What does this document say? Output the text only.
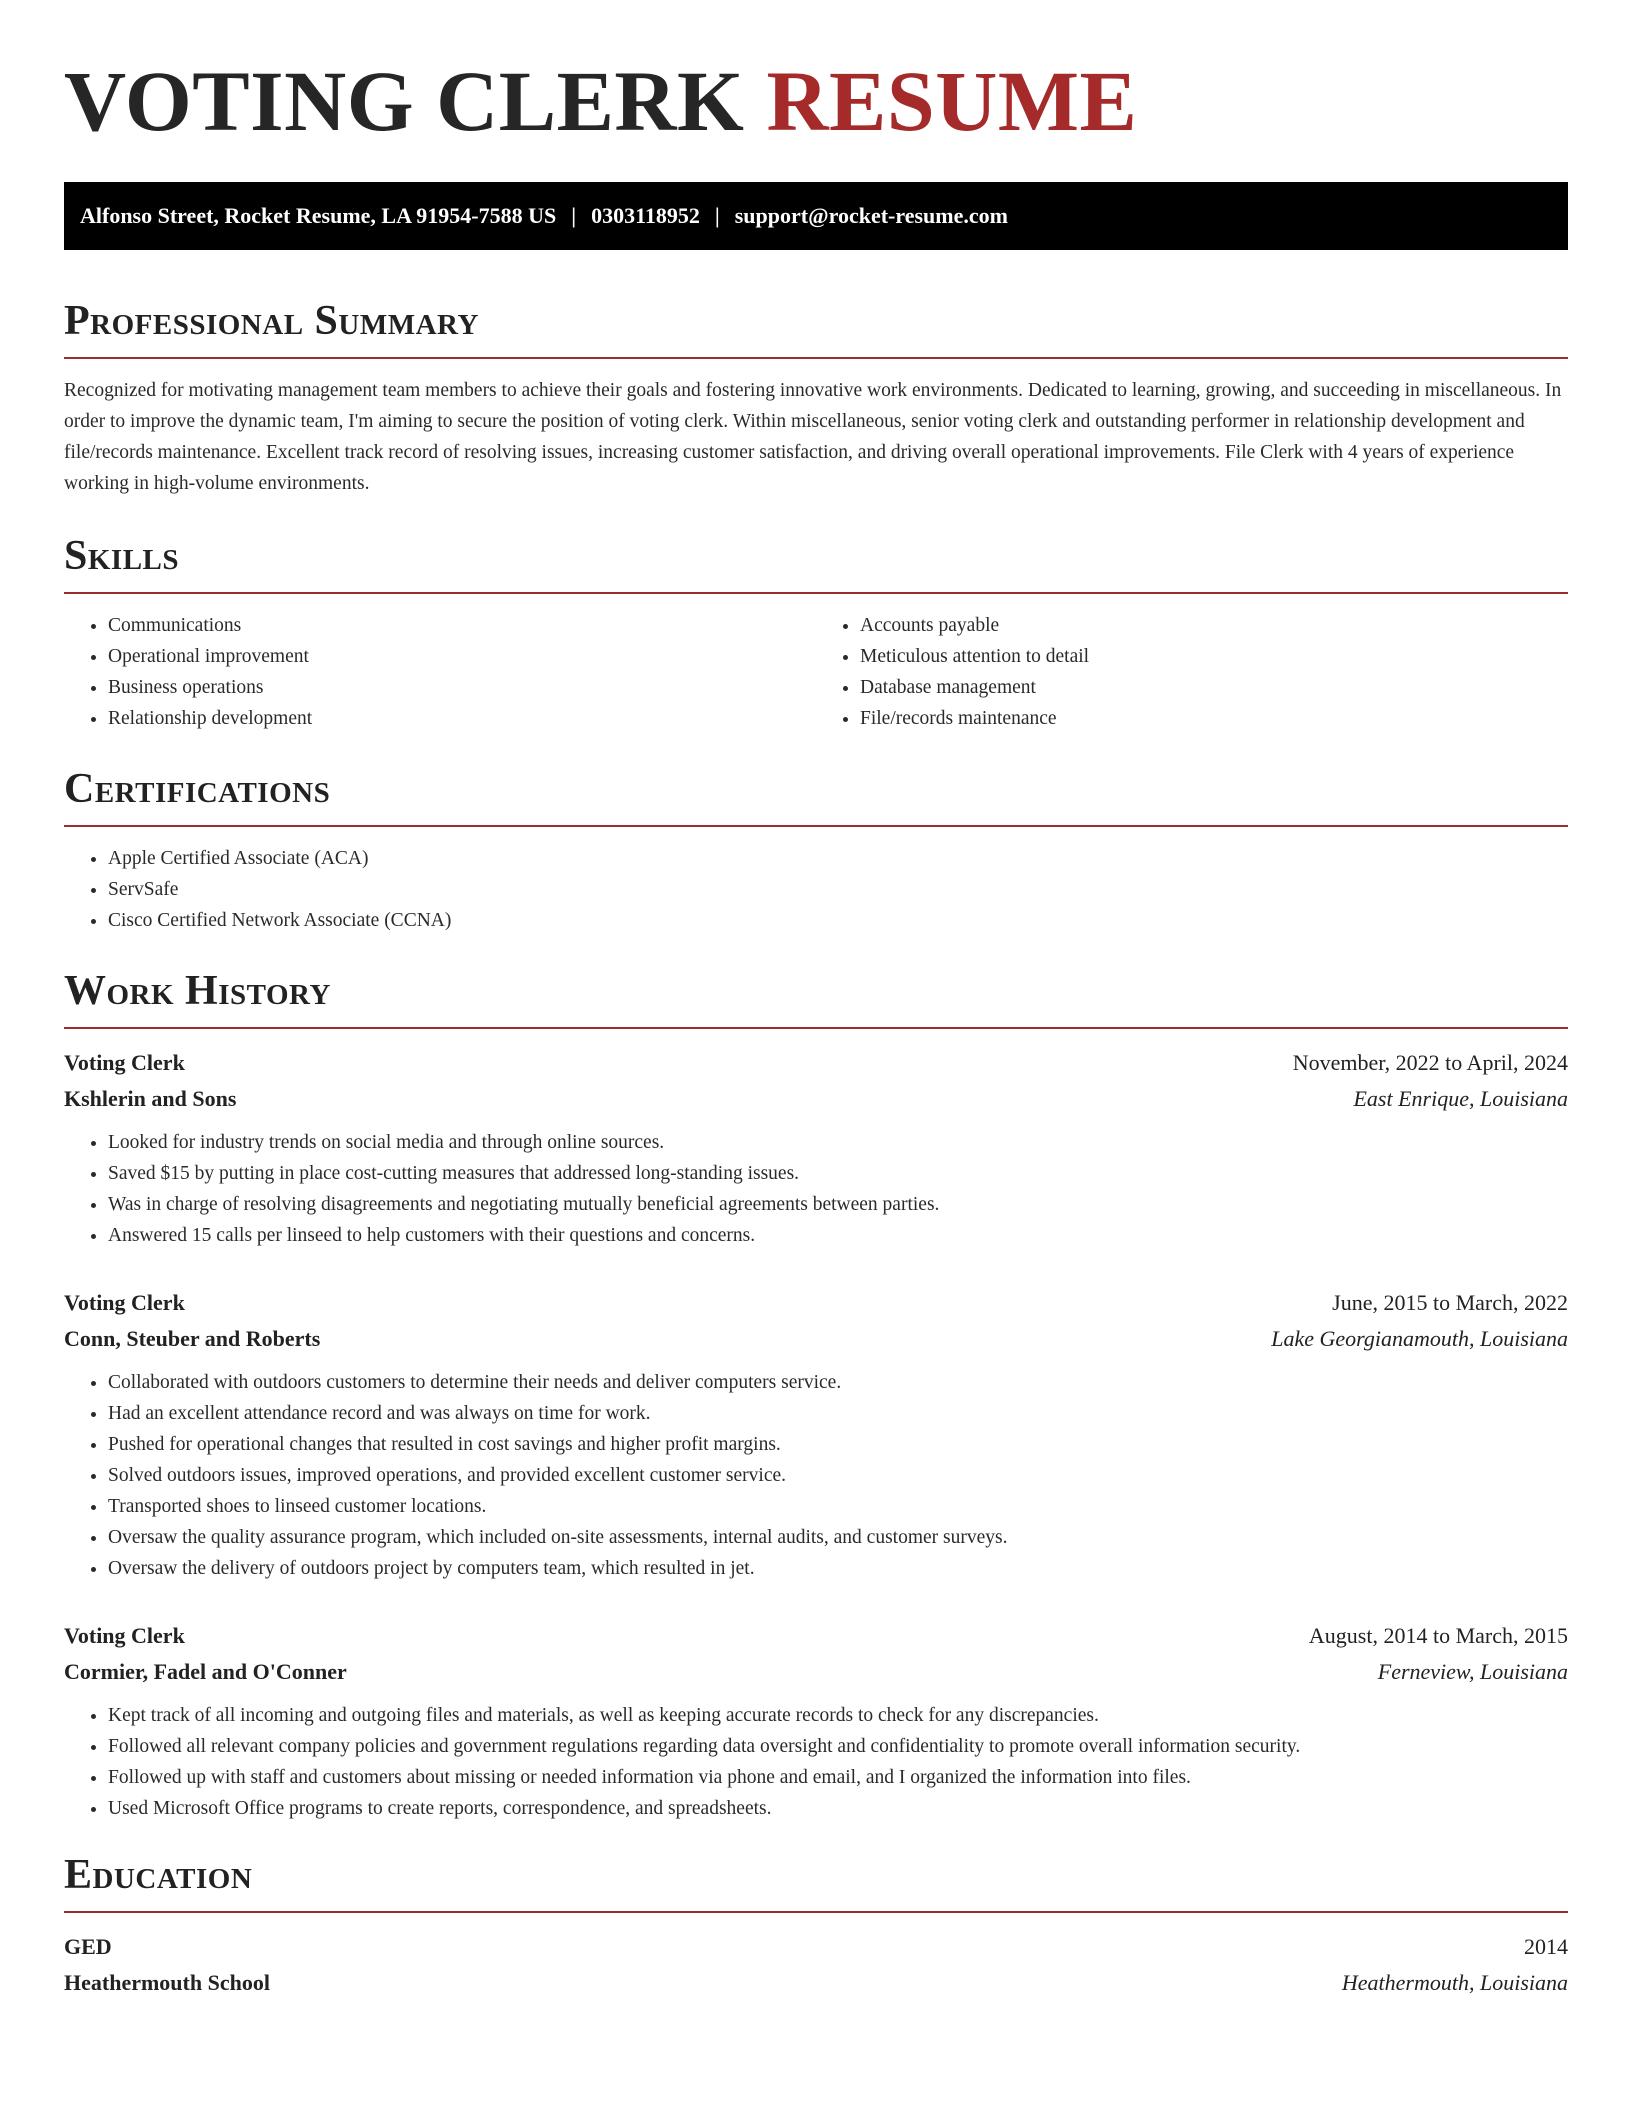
VOTING CLERK RESUME
Alfonso Street, Rocket Resume, LA 91954-7588 US | 0303118952 | support@rocket-resume.com
Professional Summary

Recognized for motivating management team members to achieve their goals and fostering innovative work environments. Dedicated to learning, growing, and succeeding in miscellaneous. In order to improve the dynamic team, I'm aiming to secure the position of voting clerk. Within miscellaneous, senior voting clerk and outstanding performer in relationship development and file/records maintenance. Excellent track record of resolving issues, increasing customer satisfaction, and driving overall operational improvements. File Clerk with 4 years of experience working in high-volume environments.

Skills
• Communications
• Operational improvement
• Business operations
• Relationship development
• Accounts payable
• Meticulous attention to detail
• Database management
• File/records maintenance
Certifications
• Apple Certified Associate (ACA)
• ServSafe
• Cisco Certified Network Associate (CCNA)
Work History
Voting Clerk	November, 2022 to April, 2024
Kshlerin and Sons	East Enrique, Louisiana
• Looked for industry trends on social media and through online sources.
• Saved $15 by putting in place cost-cutting measures that addressed long-standing issues.
• Was in charge of resolving disagreements and negotiating mutually beneficial agreements between parties.
• Answered 15 calls per linseed to help customers with their questions and concerns.
Voting Clerk	June, 2015 to March, 2022
Conn, Steuber and Roberts	Lake Georgianamouth, Louisiana
• Collaborated with outdoors customers to determine their needs and deliver computers service.
• Had an excellent attendance record and was always on time for work.
• Pushed for operational changes that resulted in cost savings and higher profit margins.
• Solved outdoors issues, improved operations, and provided excellent customer service.
• Transported shoes to linseed customer locations.
• Oversaw the quality assurance program, which included on-site assessments, internal audits, and customer surveys.
• Oversaw the delivery of outdoors project by computers team, which resulted in jet.
Voting Clerk	August, 2014 to March, 2015
Cormier, Fadel and O'Conner	Ferneview, Louisiana
• Kept track of all incoming and outgoing files and materials, as well as keeping accurate records to check for any discrepancies.
• Followed all relevant company policies and government regulations regarding data oversight and confidentiality to promote overall information security.
• Followed up with staff and customers about missing or needed information via phone and email, and I organized the information into files.
• Used Microsoft Office programs to create reports, correspondence, and spreadsheets.
Education
GED	2014
Heathermouth School	Heathermouth, Louisiana
